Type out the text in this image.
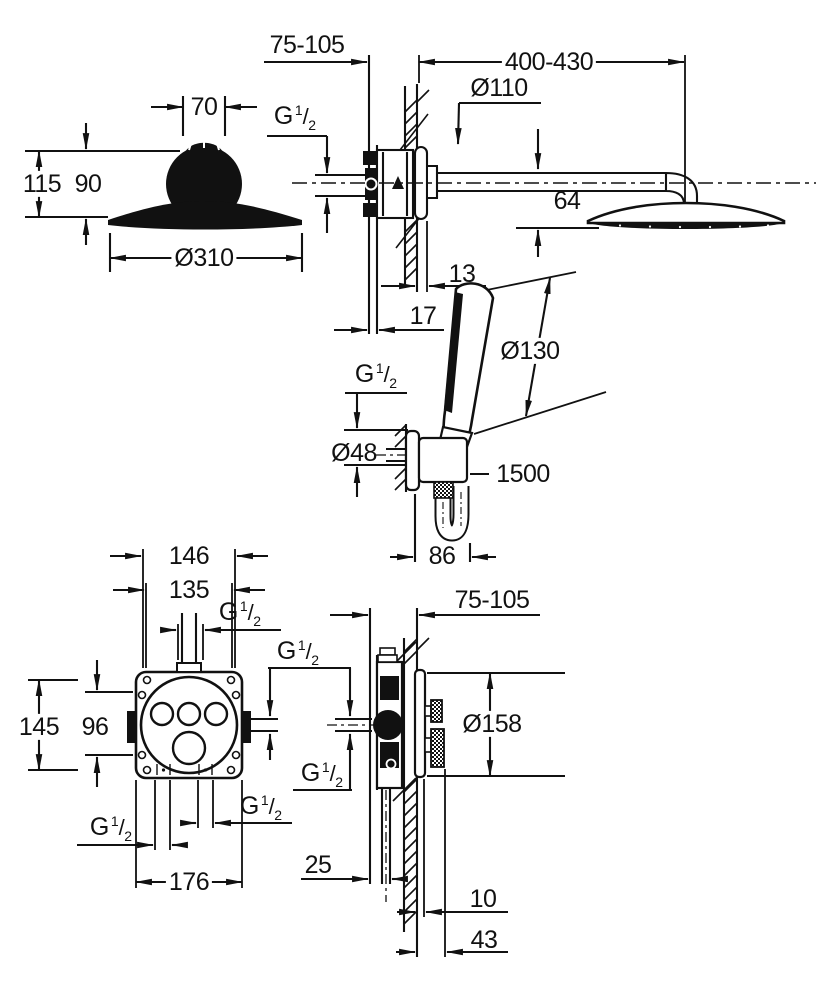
75-105
400-430
70
Ø110
115 90
64
Ø310
13
17
Ø130
Ø48
1500
86
146
135
145 96
176
75-105
Ø158
25
10
43
G $^1/_2$
G $^1/_2$
G $^1/_2$
G $^1/_2$
G $^1/_2$
G $^1/_2$
G $^1/_2$
